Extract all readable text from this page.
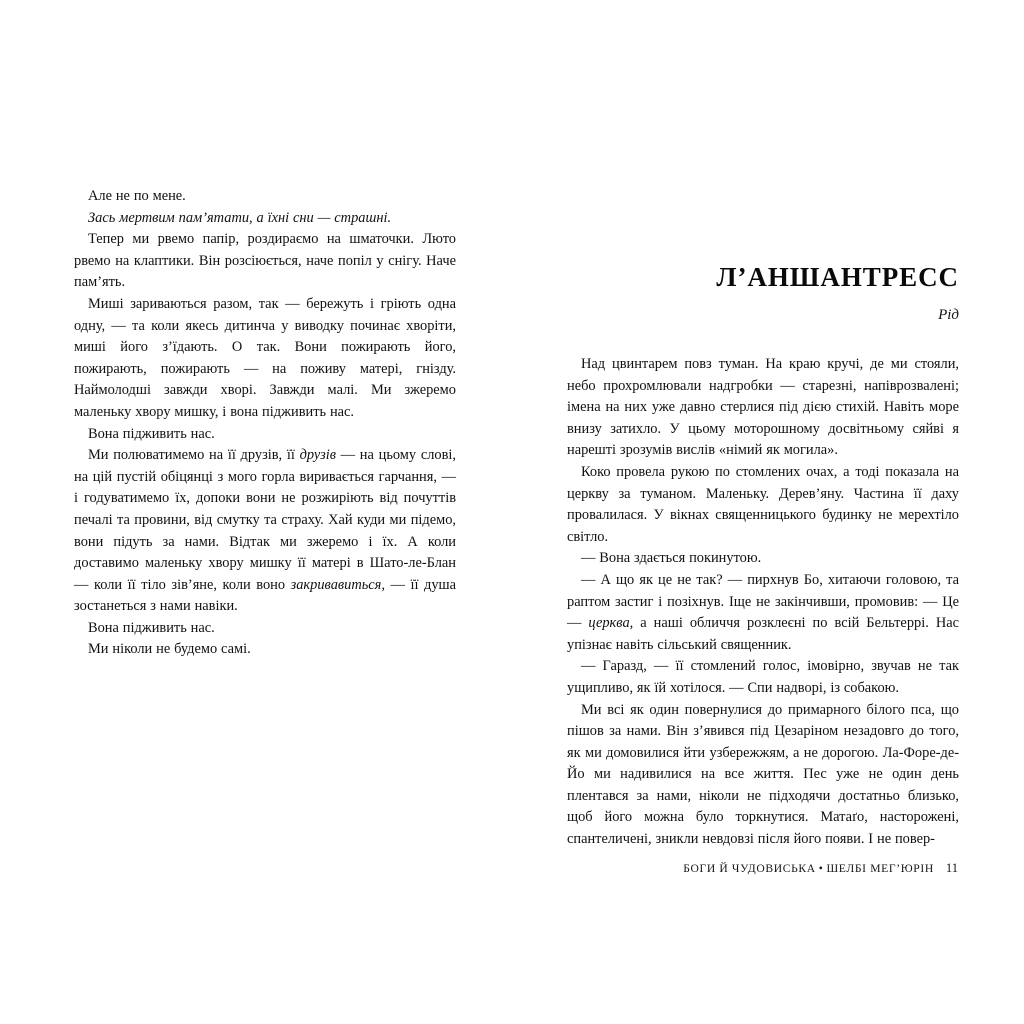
Але не по мене.

Зась мертвим пам’ятати, а їхні сни — страшні.

Тепер ми рвемо папір, роздираємо на шматочки. Люто рвемо на клаптики. Він розсіюється, наче попіл у снігу. Наче пам’ять.

Миші зариваються разом, так — бережуть і гріють одна одну, — та коли якесь дитинча у виводку починає хворіти, миші його з’їдають. О так. Вони пожирають його, пожирають, пожирають — на поживу матері, гнізду. Наймолодші завжди хворі. Завжди малі. Ми зжеремо маленьку хвору мишку, і вона підживить нас.

Вона підживить нас.

Ми полюватимемо на її друзів, її друзів — на цьому слові, на цій пустій обіцянці з мого горла виривається гарчання, — і годуватимемо їх, допоки вони не розжиріють від почуттів печалі та провини, від смутку та страху. Хай куди ми підемо, вони підуть за нами. Відтак ми зжеремо і їх. А коли доставимо маленьку хвору мишку її матері в Шато-ле-Блан — коли її тіло зів’яне, коли воно закривавиться, — її душа зостанеться з нами навіки.

Вона підживить нас.

Ми ніколи не будемо самі.

Л’АНШАНТРЕСС
Рід

Над цвинтарем повз туман. На краю кручі, де ми стояли, небо прохромлювали надгробки — старезні, напіврозвалені; імена на них уже давно стерлися під дією стихій. Навіть море внизу затихло. У цьому моторошному досвітньому сяйві я нарешті зрозумів вислів «німий як могила».

Коко провела рукою по стомлених очах, а тоді показала на церкву за туманом. Маленьку. Дерев’яну. Частина її даху провалилася. У вікнах священницького будинку не мерехтіло світло.

— Вона здається покинутою.

— А що як це не так? — пирхнув Бо, хитаючи головою, та раптом застиг і позіхнув. Іще не закінчивши, промовив: — Це — церква, а наші обличчя розклеєні по всій Бельтеррі. Нас упізнає навіть сільський священник.

— Гаразд, — її стомлений голос, імовірно, звучав не так ущипливо, як їй хотілося. — Спи надворі, із собакою.

Ми всі як один повернулися до примарного білого пса, що пішов за нами. Він з’явився під Цезаріном незадовго до того, як ми домовилися йти узбережжям, а не дорогою. Ла-Форе-де-Йо ми надивилися на все життя. Пес уже не один день плентався за нами, ніколи не підходячи достатньо близько, щоб його можна було торкнутися. Матаґо, насторожені, спантеличені, зникли невдовзі після його появи. І не повер-

БОГИ Й ЧУДОВИСЬКА • ШЕЛБІ МЕГ’ЮРІН 11
